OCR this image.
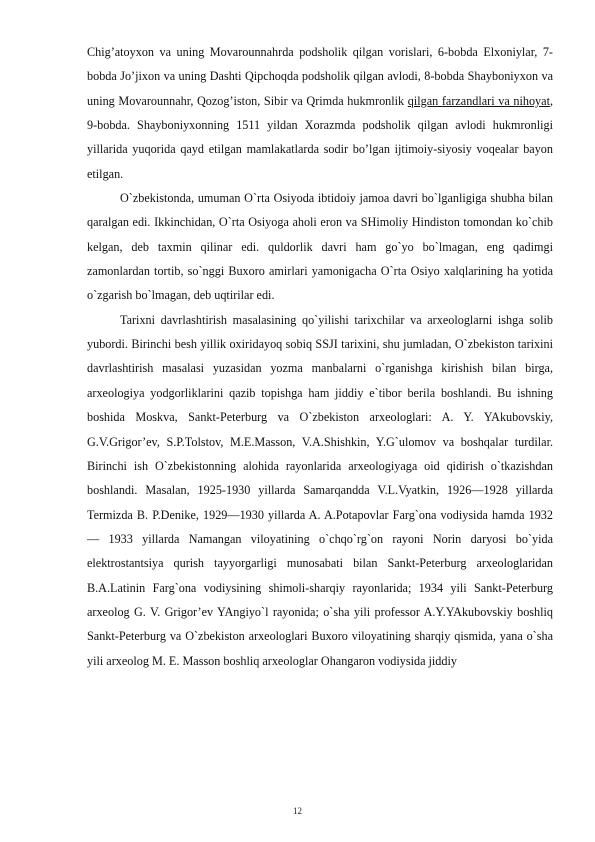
Chig’atoyxon va uning Movarounnahrda podsholik qilgan vorislari, 6-bobda Elxoniylar, 7-bobda Jo’jixon va uning Dashti Qipchoqda podsholik qilgan avlodi, 8-bobda Shayboniyxon va uning Movarounnahr, Qozog’iston, Sibir va Qrimda hukmronlik qilgan farzandlari va nihoyat, 9-bobda. Shayboniyxonning 1511 yildan Xorazmda podsholik qilgan avlodi hukmronligi yillarida yuqorida qayd etilgan mamlakatlarda sodir bo’lgan ijtimoiy-siyosiy voqealar bayon etilgan.

O`zbekistonda, umuman O`rta Osiyoda ibtidoiy jamoa davri bo`lganligiga shubha bilan qaralgan edi. Ikkinchidan, O`rta Osiyoga aholi eron va SHimoliy Hindiston tomondan ko`chib kelgan, deb taxmin qilinar edi. quldorlik davri ham go`yo bo`lmagan, eng qadimgi zamonlardan tortib, so`nggi Buxoro amirlari yamonigacha O`rta Osiyo xalqlarining ha yotida o`zgarish bo`lmagan, deb uqtirilar edi.

Tarixni davrlashtirish masalasining qo`yilishi tarixchilar va arxeologlarni ishga solib yubordi. Birinchi besh yillik oxiridayoq sobiq SSJI tarixini, shu jumladan, O`zbekiston tarixini davrlashtirish masalasi yuzasidan yozma manbalarni o`rganishga kirishish bilan birga, arxeologiya yodgorliklarini qazib topishga ham jiddiy e`tibor berila boshlandi. Bu ishning boshida Moskva, Sankt-Peterburg va O`zbekiston arxeologlari: A. Y. YAkubovskiy, G.V.Grigor’ev, S.P.Tolstov, M.E.Masson, V.A.Shishkin, Y.G`ulomov va boshqalar turdilar. Birinchi ish O`zbekistonning alohida rayonlarida arxeologiyaga oid qidirish o`tkazishdan boshlandi. Masalan, 1925-1930 yillarda Samarqandda V.L.Vyatkin, 1926—1928 yillarda Termizda B. P.Denike, 1929—1930 yillarda A. A.Potapovlar Farg`ona vodiysida hamda 1932 — 1933 yillarda Namangan viloyatining o`chqo`rg`on rayoni Norin daryosi bo`yida elektrostantsiya qurish tayyorgarligi munosabati bilan Sankt-Peterburg arxeologlaridan B.A.Latinin Farg`ona vodiysining shimoli-sharqiy rayonlarida; 1934 yili Sankt-Peterburg arxeolog G. V. Grigor’ev YAngiyo`l rayonida; o`sha yili professor A.Y.YAkubovskiy boshliq Sankt-Peterburg va O`zbekiston arxeologlari Buxoro viloyatining sharqiy qismida, yana o`sha yili arxeolog M. E. Masson boshliq arxeologlar Ohangaron vodiysida jiddiy

12
